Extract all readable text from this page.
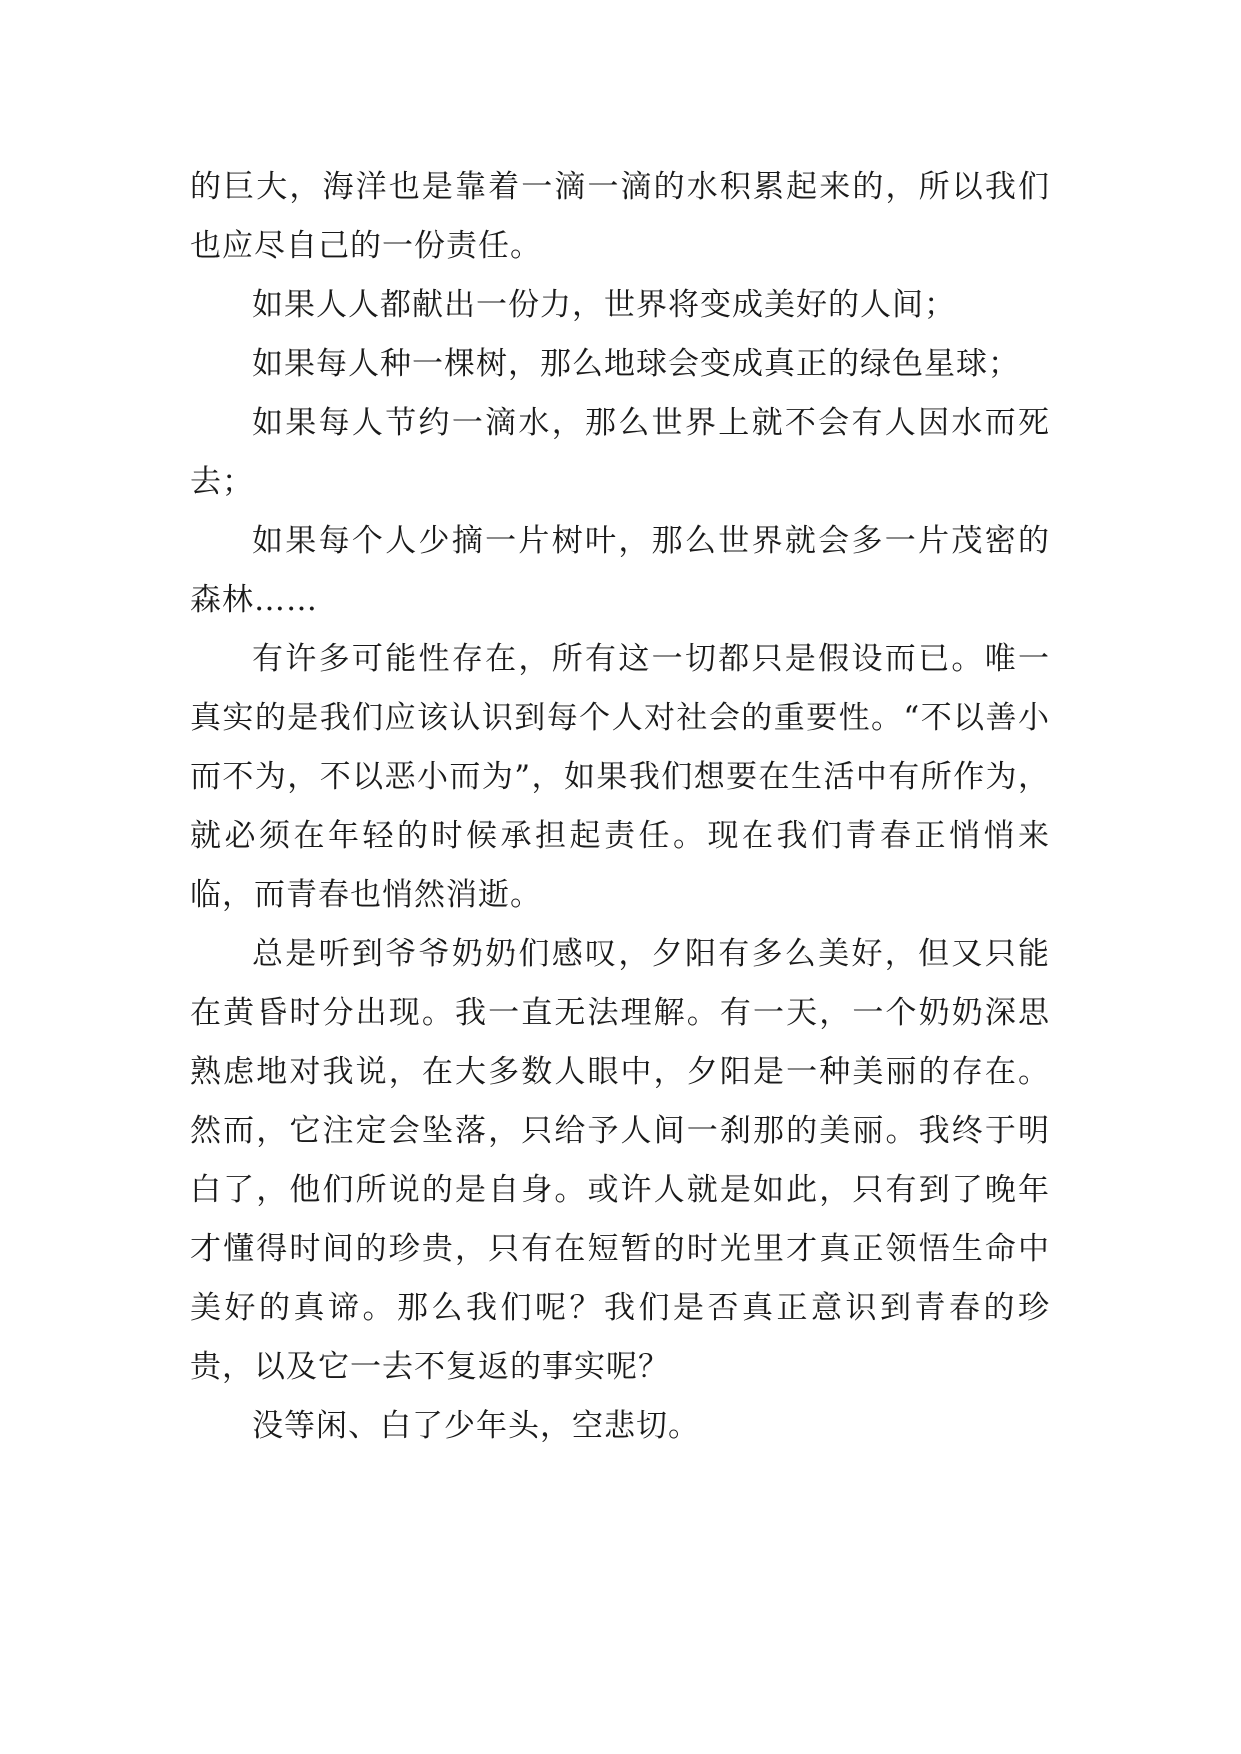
的巨大，海洋也是靠着一滴一滴的水积累起来的，所以我们也应尽自己的一份责任。

如果人人都献出一份力，世界将变成美好的人间；

如果每人种一棵树，那么地球会变成真正的绿色星球；

如果每人节约一滴水，那么世界上就不会有人因水而死去；

如果每个人少摘一片树叶，那么世界就会多一片茂密的森林……

有许多可能性存在，所有这一切都只是假设而已。唯一真实的是我们应该认识到每个人对社会的重要性。“不以善小而不为，不以恶小而为”，如果我们想要在生活中有所作为，就必须在年轻的时候承担起责任。现在我们青春正悄悄来临，而青春也悄然消逝。

总是听到爷爷奶奶们感叹，夕阳有多么美好，但又只能在黄昏时分出现。我一直无法理解。有一天，一个奶奶深思熟虑地对我说，在大多数人眼中，夕阳是一种美丽的存在。然而，它注定会坠落，只给予人间一刹那的美丽。我终于明白了，他们所说的是自身。或许人就是如此，只有到了晚年才懂得时间的珍贵，只有在短暂的时光里才真正领悟生命中美好的真谛。那么我们呢？我们是否真正意识到青春的珍贵，以及它一去不复返的事实呢？

没等闲、白了少年头，空悲切。
